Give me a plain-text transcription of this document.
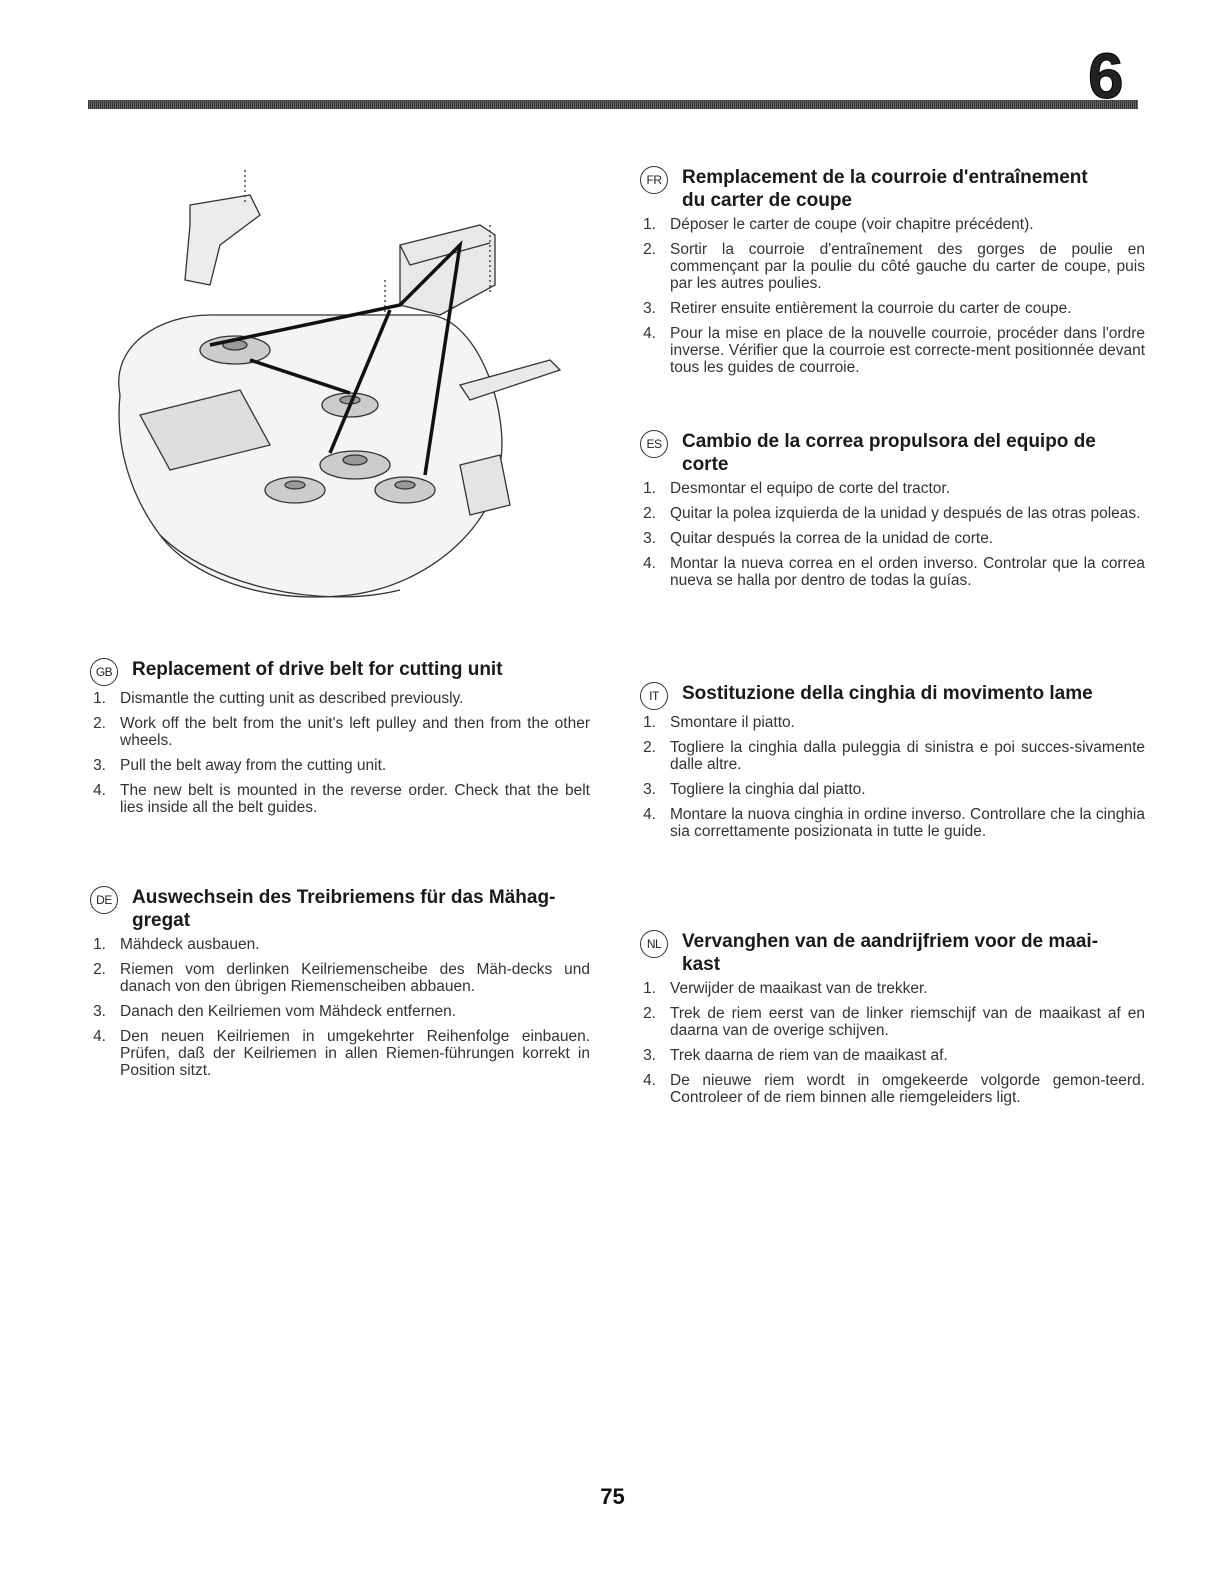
6
GB	Replacement of drive belt for cutting unit
1. Dismantle the cutting unit as described previously.
2. Work off the belt from the unit's left pulley and then from the other wheels.
3. Pull the belt away from the cutting unit.
4. The new belt is mounted in the reverse order. Check that the belt lies inside all the belt guides.
DE	Auswechsein des Treibriemens für das Mähag-gregat
1. Mähdeck ausbauen.
2. Riemen vom derlinken Keilriemenscheibe des Mäh-decks und danach von den übrigen Riemenscheiben abbauen.
3. Danach den Keilriemen vom Mähdeck entfernen.
4. Den neuen Keilriemen in umgekehrter Reihenfolge einbauen. Prüfen, daß der Keilriemen in allen Riemen-führungen korrekt in Position sitzt.
FR	Remplacement de la courroie d'entraînement du carter de coupe
1. Déposer le carter de coupe (voir chapitre précédent).
2. Sortir la courroie d'entraînement des gorges de poulie en commençant par la poulie du côté gauche du carter de coupe, puis par les autres poulies.
3. Retirer ensuite entièrement la courroie du carter de coupe.
4. Pour la mise en place de la nouvelle courroie, procéder dans l'ordre inverse. Vérifier que la courroie est correcte-ment positionnée devant tous les guides de courroie.
ES	Cambio de la correa propulsora del equipo de corte
1. Desmontar el equipo de corte del tractor.
2. Quitar la polea izquierda de la unidad y después de las otras poleas.
3. Quitar después la correa de la unidad de corte.
4. Montar la nueva correa en el orden inverso. Controlar que la correa nueva se halla por dentro de todas la guías.
IT	Sostituzione della cinghia di movimento lame
1. Smontare il piatto.
2. Togliere la cinghia dalla puleggia di sinistra e poi succes-sivamente dalle altre.
3. Togliere la cinghia dal piatto.
4. Montare la nuova cinghia in ordine inverso. Controllare che la cinghia sia correttamente posizionata in tutte le guide.
NL	Vervanghen van de aandrijfriem voor de maai-kast
1. Verwijder de maaikast van de trekker.
2. Trek de riem eerst van de linker riemschijf van de maaikast af en daarna van de overige schijven.
3. Trek daarna de riem van de maaikast af.
4. De nieuwe riem wordt in omgekeerde volgorde gemon-teerd. Controleer of de riem binnen alle riemgeleiders ligt.
75
